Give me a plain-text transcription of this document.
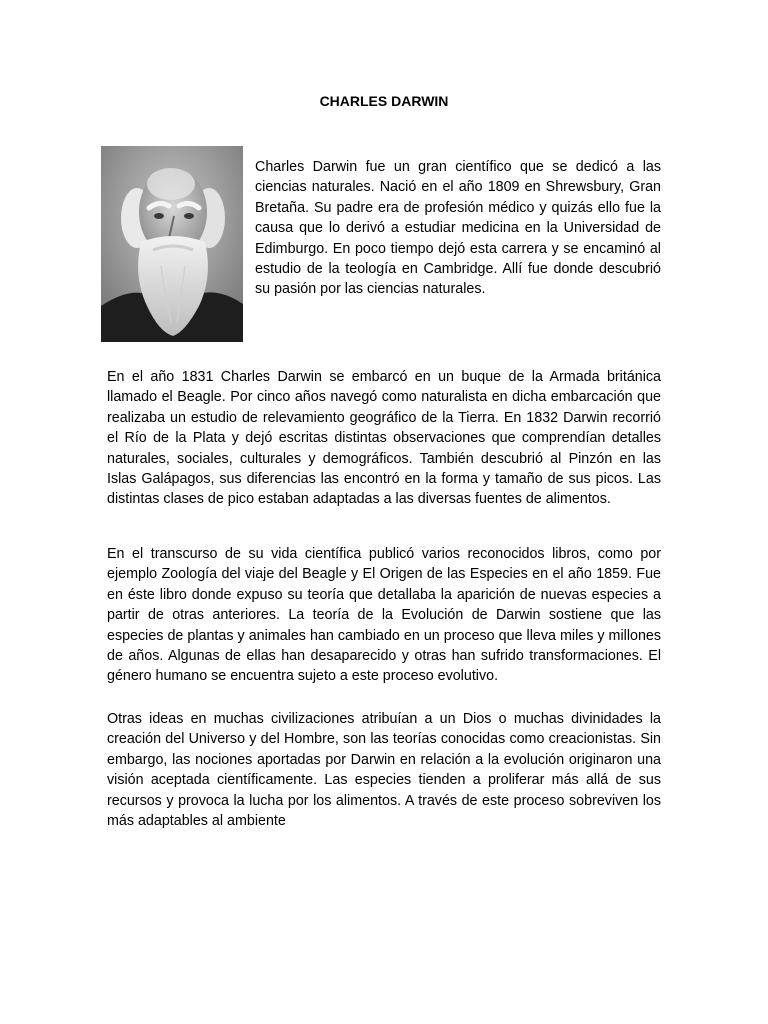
CHARLES DARWIN

Charles Darwin fue un gran científico que se dedicó a las ciencias naturales. Nació en el año 1809 en Shrewsbury, Gran Bretaña. Su padre era de profesión médico y quizás ello fue la causa que lo derivó a estudiar medicina en la Universidad de Edimburgo. En poco tiempo dejó esta carrera y se encaminó al estudio de la teología en Cambridge. Allí fue donde descubrió su pasión por las ciencias naturales.

En el año 1831 Charles Darwin se embarcó en un buque de la Armada británica llamado el Beagle. Por cinco años navegó como naturalista en dicha embarcación que realizaba un estudio de relevamiento geográfico de la Tierra. En 1832 Darwin recorrió el Río de la Plata y dejó escritas distintas observaciones que comprendían detalles naturales, sociales, culturales y demográficos. También descubrió al Pinzón en las Islas Galápagos, sus diferencias las encontró en la forma y tamaño de sus picos. Las distintas clases de pico estaban adaptadas a las diversas fuentes de alimentos.

En el transcurso de su vida científica publicó varios reconocidos libros, como por ejemplo Zoología del viaje del Beagle y El Origen de las Especies en el año 1859. Fue en éste libro donde expuso su teoría que detallaba la aparición de nuevas especies a partir de otras anteriores. La teoría de la Evolución de Darwin sostiene que las especies de plantas y animales han cambiado en un proceso que lleva miles y millones de años. Algunas de ellas han desaparecido y otras han sufrido transformaciones. El género humano se encuentra sujeto a este proceso evolutivo.

Otras ideas en muchas civilizaciones atribuían a un Dios o muchas divinidades la creación del Universo y del Hombre, son las teorías conocidas como creacionistas. Sin embargo, las nociones aportadas por Darwin en relación a la evolución originaron una visión aceptada científicamente. Las especies tienden a proliferar más allá de sus recursos y provoca la lucha por los alimentos. A través de este proceso sobreviven los más adaptables al ambiente
